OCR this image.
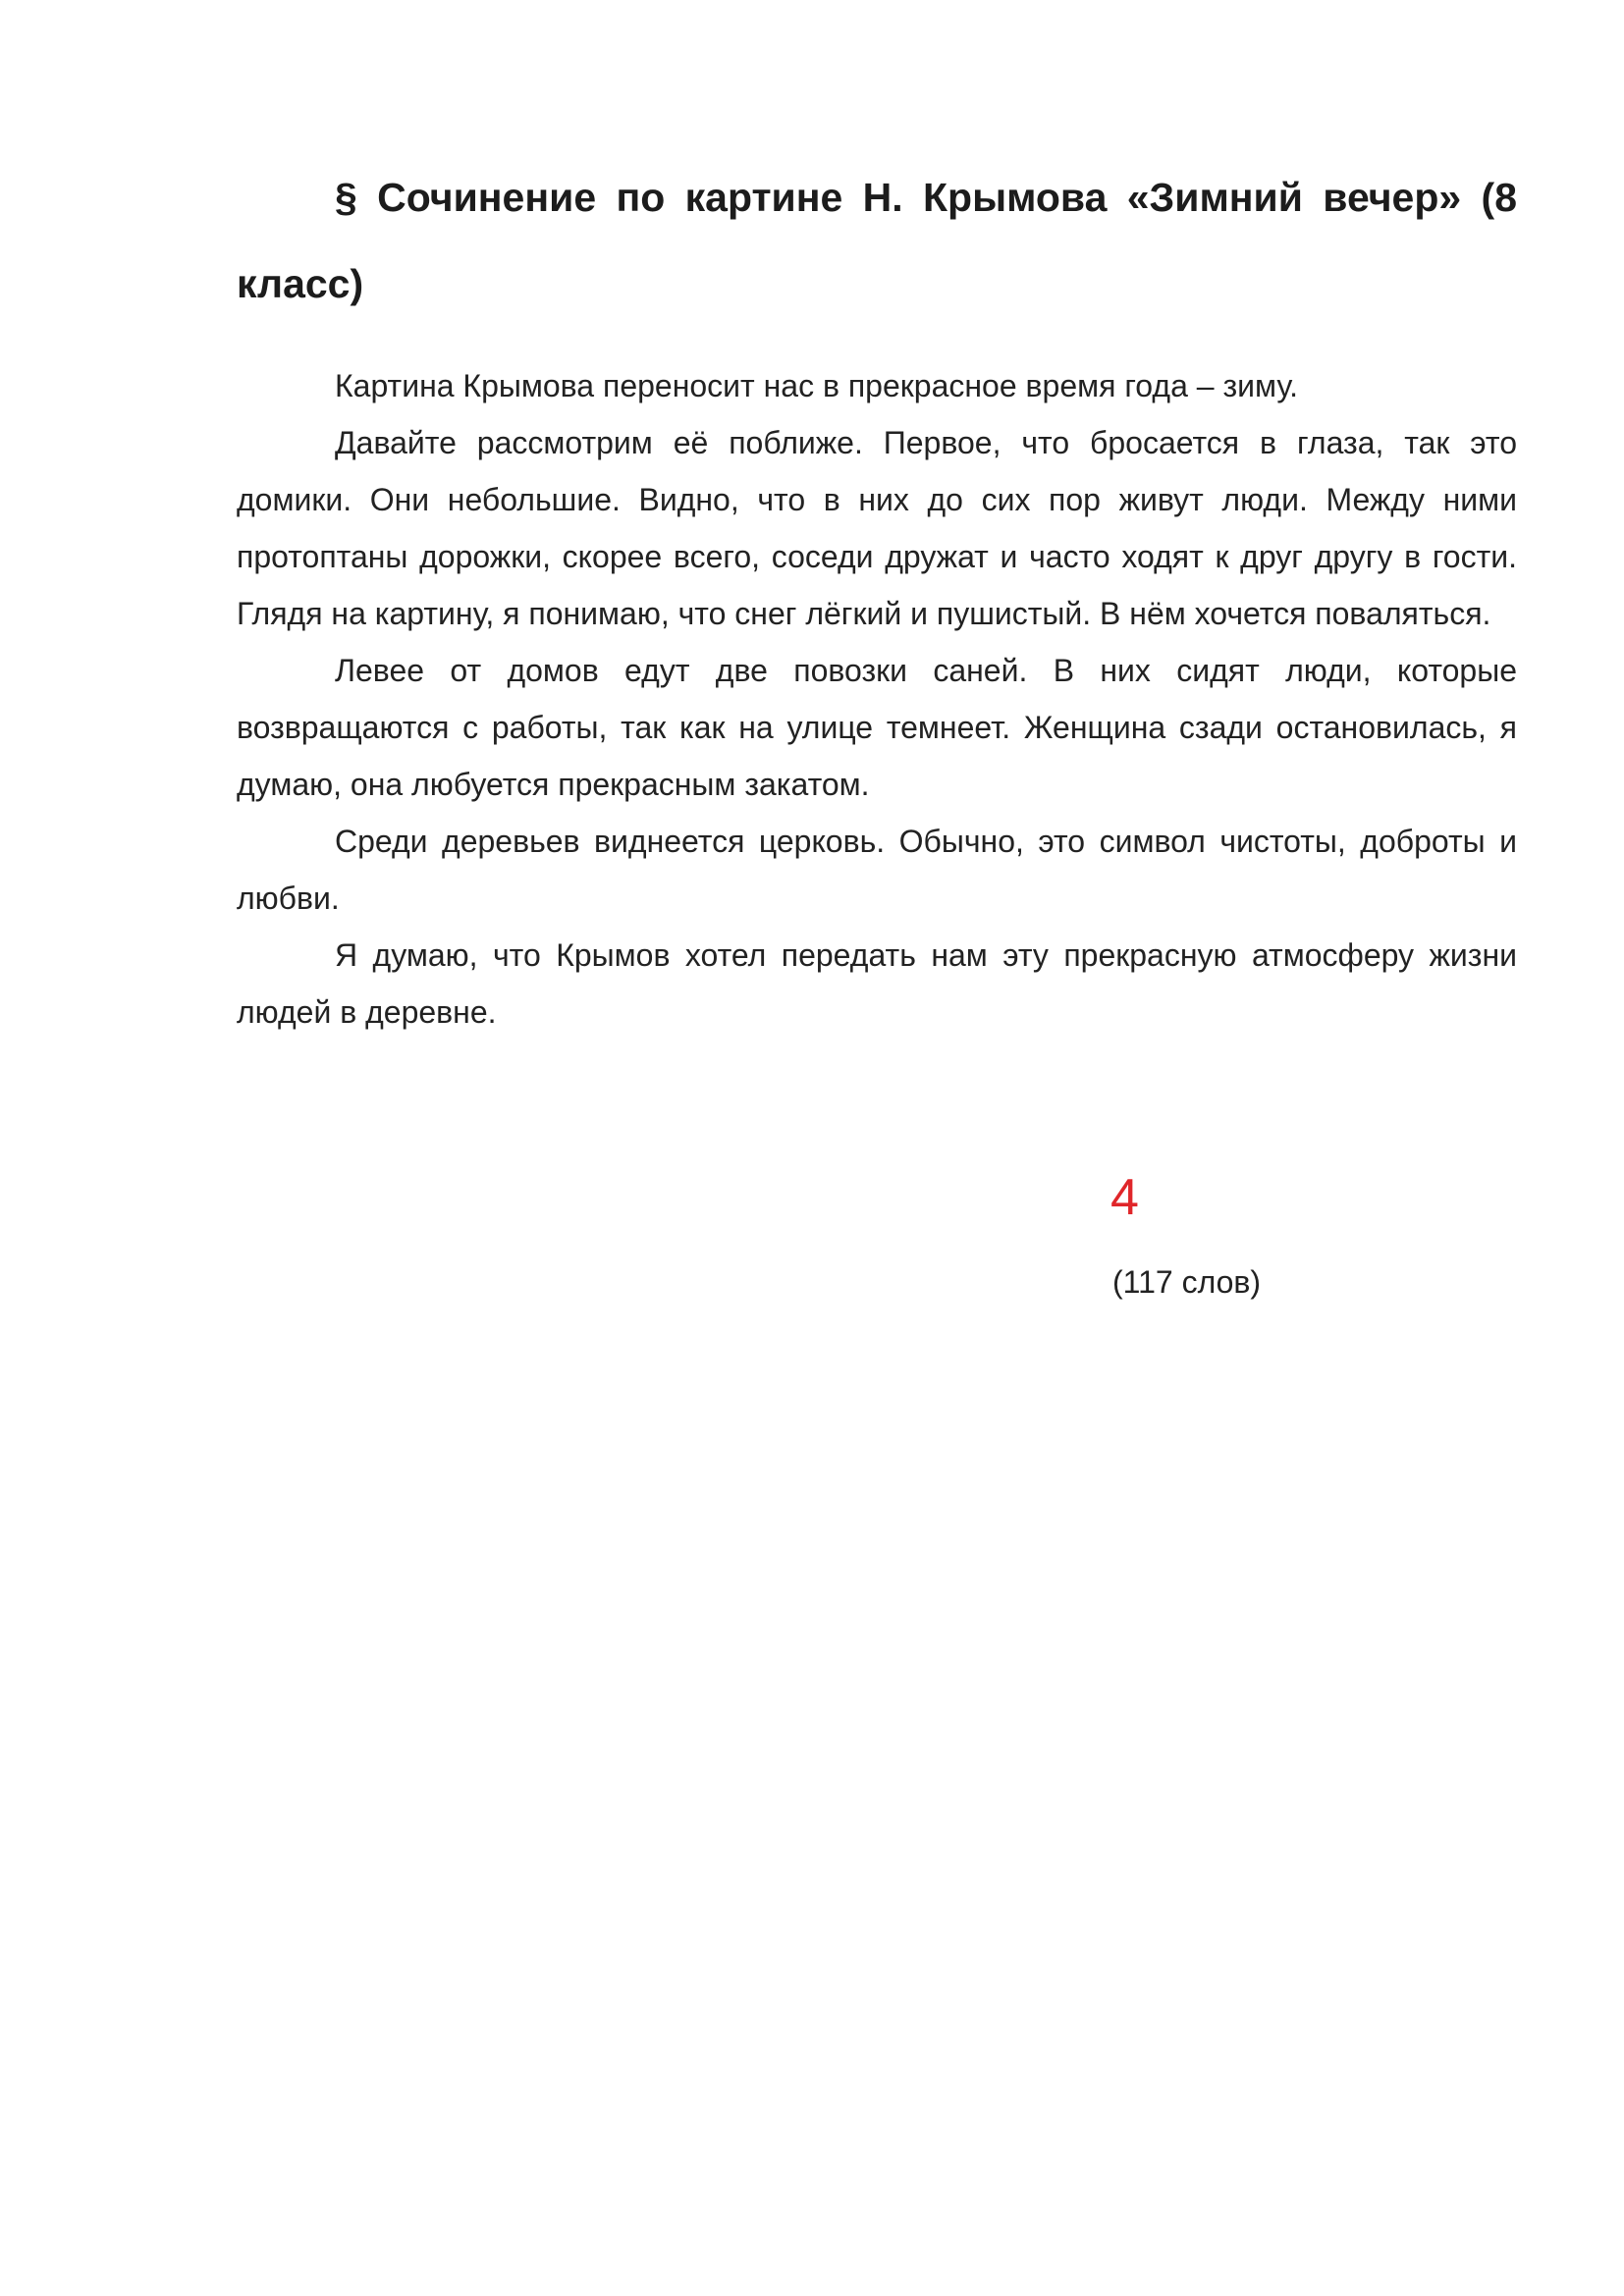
§ Сочинение по картине Н. Крымова «Зимний вечер» (8 класс)

Картина Крымова переносит нас в прекрасное время года – зиму.

Давайте рассмотрим её поближе. Первое, что бросается в глаза, так это домики. Они небольшие. Видно, что в них до сих пор живут люди. Между ними протоптаны дорожки, скорее всего, соседи дружат и часто ходят к друг другу в гости. Глядя на картину, я понимаю, что снег лёгкий и пушистый. В нём хочется поваляться.

Левее от домов едут две повозки саней. В них сидят люди, которые возвращаются с работы, так как на улице темнеет. Женщина сзади остановилась, я думаю, она любуется прекрасным закатом.

Среди деревьев виднеется церковь. Обычно, это символ чистоты, доброты и любви.

Я думаю, что Крымов хотел передать нам эту прекрасную атмосферу жизни людей в деревне.

4
(117 слов)
